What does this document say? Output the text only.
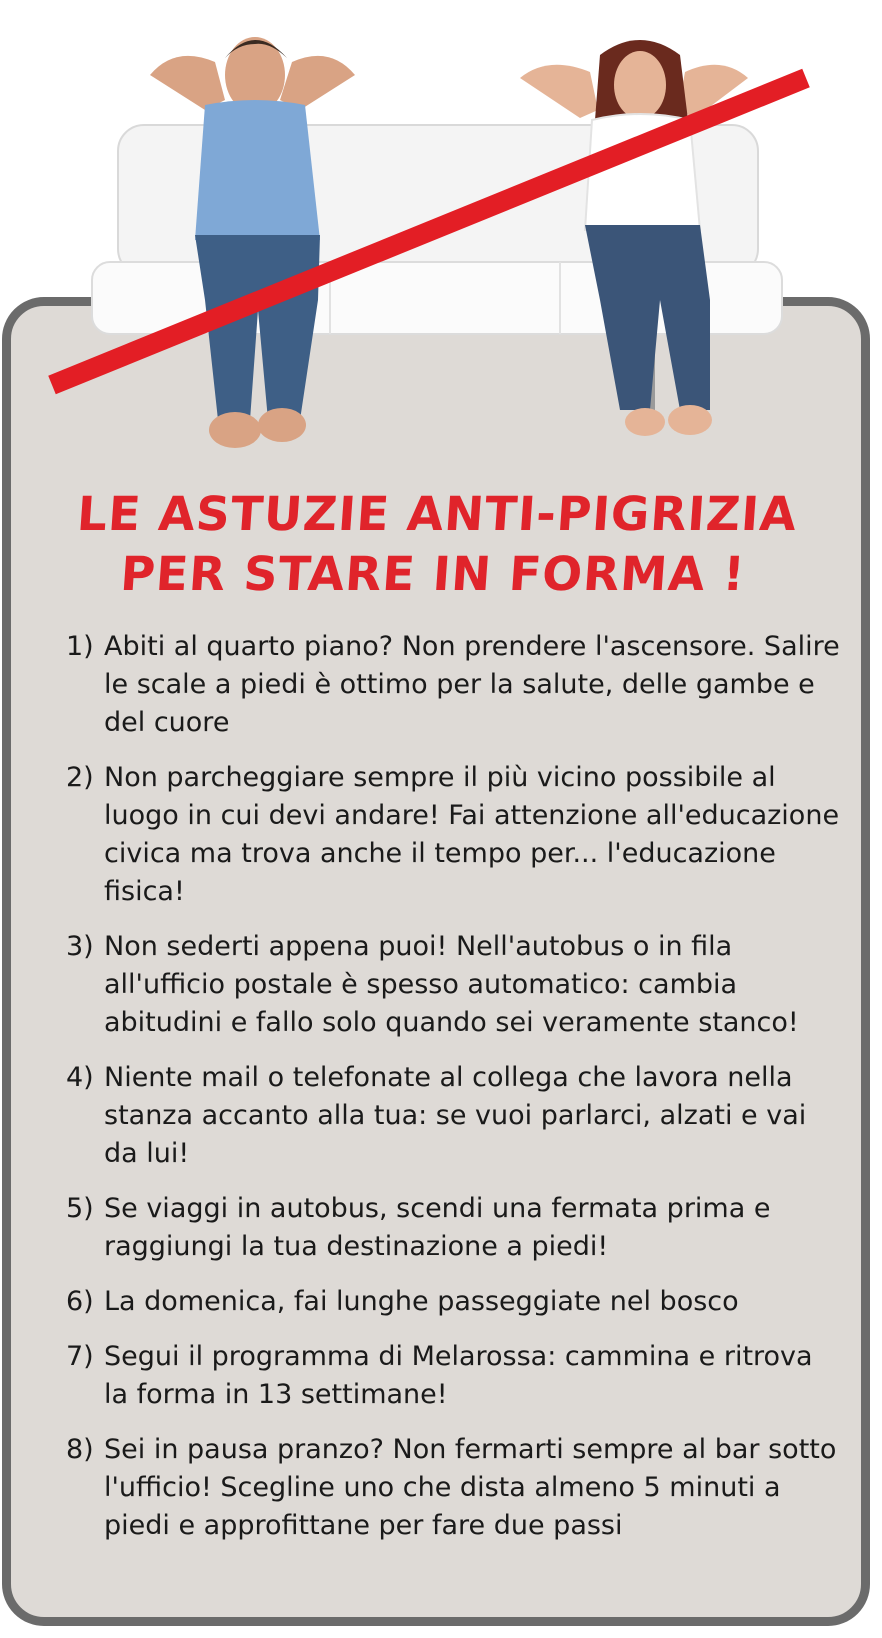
LE ASTUZIE ANTI-PIGRIZIA
PER STARE IN FORMA !
1) Abiti al quarto piano? Non prendere l'ascensore. Salire le scale a piedi è ottimo per la salute, delle gambe e del cuore
2) Non parcheggiare sempre il più vicino possibile al luogo in cui devi andare! Fai attenzione all'educazione civica ma trova anche il tempo per... l'educazione fisica!
3) Non sederti appena puoi! Nell'autobus o in fila all'ufficio postale è spesso automatico: cambia abitudini e fallo solo quando sei veramente stanco!
4) Niente mail o telefonate al collega che lavora nella stanza accanto alla tua: se vuoi parlarci, alzati e vai da lui!
5) Se viaggi in autobus, scendi una fermata prima e raggiungi la tua destinazione a piedi!
6) La domenica, fai lunghe passeggiate nel bosco
7) Segui il programma di Melarossa: cammina e ritrova la forma in 13 settimane!
8) Sei in pausa pranzo? Non fermarti sempre al bar sotto l'ufficio! Scegline uno che dista almeno 5 minuti a piedi e approfittane per fare due passi
